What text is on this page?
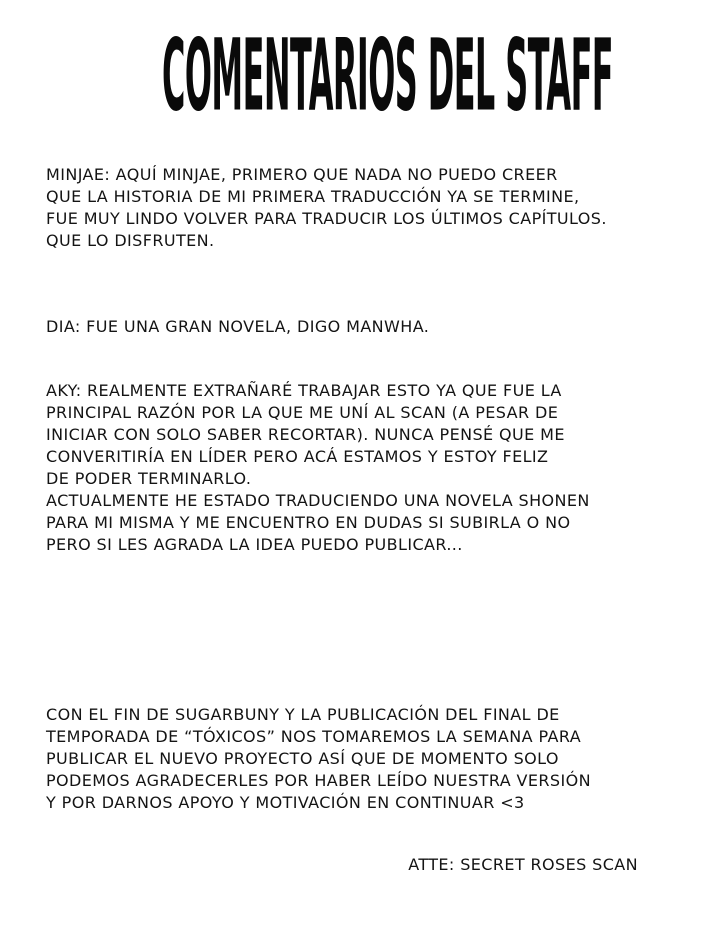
COMENTARIOS DEL STAFF
MINJAE: AQUÍ MINJAE, PRIMERO QUE NADA NO PUEDO CREER
QUE LA HISTORIA DE MI PRIMERA TRADUCCIÓN YA SE TERMINE,
FUE MUY LINDO VOLVER PARA TRADUCIR LOS ÚLTIMOS CAPÍTULOS.
QUE LO DISFRUTEN.
DIA: FUE UNA GRAN NOVELA, DIGO MANWHA.
AKY: REALMENTE EXTRAÑARÉ TRABAJAR ESTO YA QUE FUE LA
PRINCIPAL RAZÓN POR LA QUE ME UNÍ AL SCAN (A PESAR DE
INICIAR CON SOLO SABER RECORTAR). NUNCA PENSÉ QUE ME
CONVERITIRÍA EN LÍDER PERO ACÁ ESTAMOS Y ESTOY FELIZ
DE PODER TERMINARLO.
ACTUALMENTE HE ESTADO TRADUCIENDO UNA NOVELA SHONEN
PARA MI MISMA Y ME ENCUENTRO EN DUDAS SI SUBIRLA O NO
PERO SI LES AGRADA LA IDEA PUEDO PUBLICAR...
CON EL FIN DE SUGARBUNY Y LA PUBLICACIÓN DEL FINAL DE
TEMPORADA DE “TÓXICOS” NOS TOMAREMOS LA SEMANA PARA
PUBLICAR EL NUEVO PROYECTO ASÍ QUE DE MOMENTO SOLO
PODEMOS AGRADECERLES POR HABER LEÍDO NUESTRA VERSIÓN
Y POR DARNOS APOYO Y MOTIVACIÓN EN CONTINUAR <3
ATTE: SECRET ROSES SCAN
